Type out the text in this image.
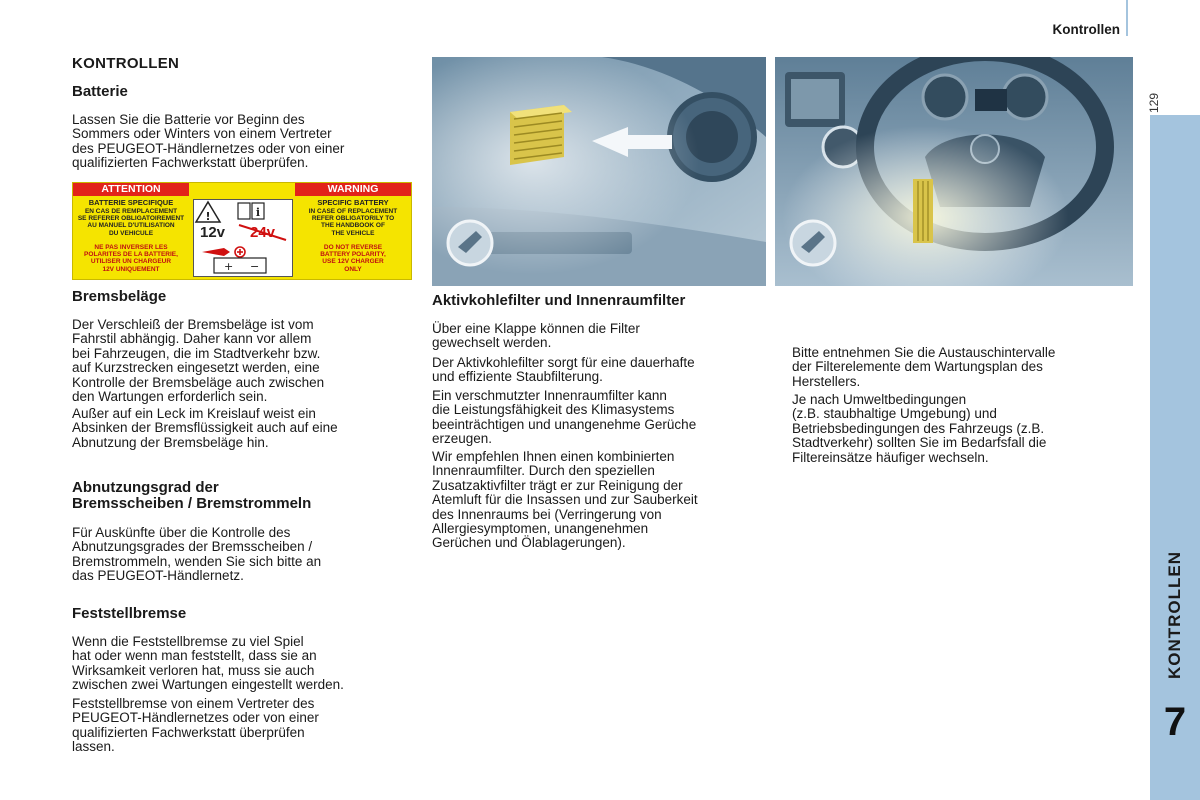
Kontrollen
129
KONTROLLEN
7
KONTROLLEN
Batterie

Lassen Sie die Batterie vor Beginn des
Sommers oder Winters von einem Vertreter
des PEUGEOT-Händlernetzes oder von einer
qualifizierten Fachwerkstatt überprüfen.

ATTENTION	WARNING
BATTERIE SPECIFIQUE
EN CAS DE REMPLACEMENT
SE REFERER OBLIGATOIREMENT
AU MANUEL D'UTILISATION
DU VEHICULE
NE PAS INVERSER LES
POLARITES DE LA BATTERIE,
UTILISER UN CHARGEUR
12V UNIQUEMENT
SPECIFIC BATTERY
IN CASE OF REPLACEMENT
REFER OBLIGATORILY TO
THE HANDBOOK OF
THE VEHICLE
DO NOT REVERSE
BATTERY POLARITY,
USE 12V CHARGER
ONLY
!	i
+ −
12v 24v
Bremsbeläge

Der Verschleiß der Bremsbeläge ist vom
Fahrstil abhängig. Daher kann vor allem
bei Fahrzeugen, die im Stadtverkehr bzw.
auf Kurzstrecken eingesetzt werden, eine
Kontrolle der Bremsbeläge auch zwischen
den Wartungen erforderlich sein.

Außer auf ein Leck im Kreislauf weist ein
Absinken der Bremsflüssigkeit auch auf eine
Abnutzung der Bremsbeläge hin.

Abnutzungsgrad der
Bremsscheiben / Bremstrommeln

Für Auskünfte über die Kontrolle des
Abnutzungsgrades der Bremsscheiben /
Bremstrommeln, wenden Sie sich bitte an
das PEUGEOT-Händlernetz.

Feststellbremse

Wenn die Feststellbremse zu viel Spiel
hat oder wenn man feststellt, dass sie an
Wirksamkeit verloren hat, muss sie auch
zwischen zwei Wartungen eingestellt werden.

Feststellbremse von einem Vertreter des
PEUGEOT-Händlernetzes oder von einer
qualifizierten Fachwerkstatt überprüfen
lassen.

Aktivkohlefilter und Innenraumfilter

Über eine Klappe können die Filter
gewechselt werden.

Der Aktivkohlefilter sorgt für eine dauerhafte
und effiziente Staubfilterung.

Ein verschmutzter Innenraumfilter kann
die Leistungsfähigkeit des Klimasystems
beeinträchtigen und unangenehme Gerüche
erzeugen.

Wir empfehlen Ihnen einen kombinierten
Innenraumfilter. Durch den speziellen
Zusatzaktivfilter trägt er zur Reinigung der
Atemluft für die Insassen und zur Sauberkeit
des Innenraums bei (Verringerung von
Allergiesymptomen, unangenehmen
Gerüchen und Ölablagerungen).

Bitte entnehmen Sie die Austauschintervalle
der Filterelemente dem Wartungsplan des
Herstellers.

Je nach Umweltbedingungen
(z.B. staubhaltige Umgebung) und
Betriebsbedingungen des Fahrzeugs (z.B.
Stadtverkehr) sollten Sie im Bedarfsfall die
Filtereinsätze häufiger wechseln.
